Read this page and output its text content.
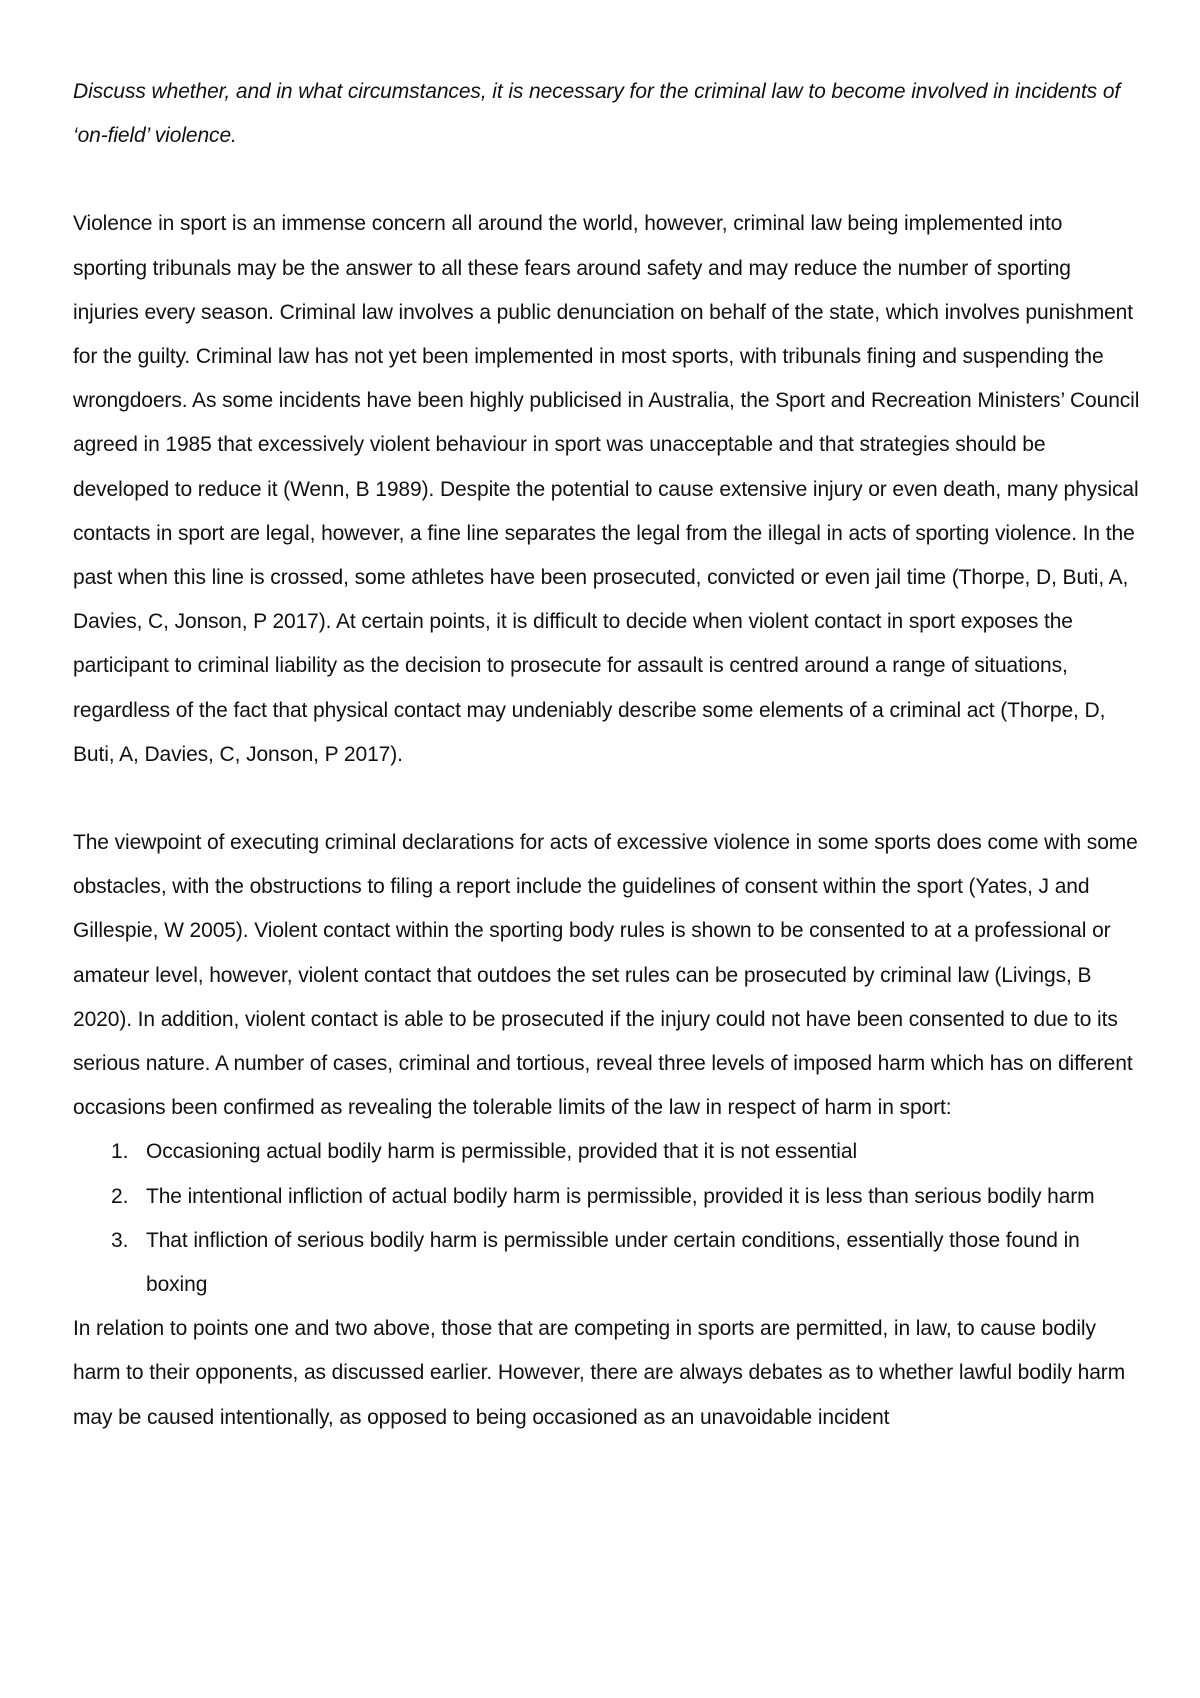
Discuss whether, and in what circumstances, it is necessary for the criminal law to become involved in incidents of ‘on-field’ violence.

Violence in sport is an immense concern all around the world, however, criminal law being implemented into sporting tribunals may be the answer to all these fears around safety and may reduce the number of sporting injuries every season. Criminal law involves a public denunciation on behalf of the state, which involves punishment for the guilty. Criminal law has not yet been implemented in most sports, with tribunals fining and suspending the wrongdoers. As some incidents have been highly publicised in Australia, the Sport and Recreation Ministers’ Council agreed in 1985 that excessively violent behaviour in sport was unacceptable and that strategies should be developed to reduce it (Wenn, B 1989). Despite the potential to cause extensive injury or even death, many physical contacts in sport are legal, however, a fine line separates the legal from the illegal in acts of sporting violence. In the past when this line is crossed, some athletes have been prosecuted, convicted or even jail time (Thorpe, D, Buti, A, Davies, C, Jonson, P 2017). At certain points, it is difficult to decide when violent contact in sport exposes the participant to criminal liability as the decision to prosecute for assault is centred around a range of situations, regardless of the fact that physical contact may undeniably describe some elements of a criminal act (Thorpe, D, Buti, A, Davies, C, Jonson, P 2017).

The viewpoint of executing criminal declarations for acts of excessive violence in some sports does come with some obstacles, with the obstructions to filing a report include the guidelines of consent within the sport (Yates, J and Gillespie, W 2005). Violent contact within the sporting body rules is shown to be consented to at a professional or amateur level, however, violent contact that outdoes the set rules can be prosecuted by criminal law (Livings, B 2020). In addition, violent contact is able to be prosecuted if the injury could not have been consented to due to its serious nature. A number of cases, criminal and tortious, reveal three levels of imposed harm which has on different occasions been confirmed as revealing the tolerable limits of the law in respect of harm in sport:

1. Occasioning actual bodily harm is permissible, provided that it is not essential
2. The intentional infliction of actual bodily harm is permissible, provided it is less than serious bodily harm
3. That infliction of serious bodily harm is permissible under certain conditions, essentially those found in boxing

In relation to points one and two above, those that are competing in sports are permitted, in law, to cause bodily harm to their opponents, as discussed earlier. However, there are always debates as to whether lawful bodily harm may be caused intentionally, as opposed to being occasioned as an unavoidable incident
